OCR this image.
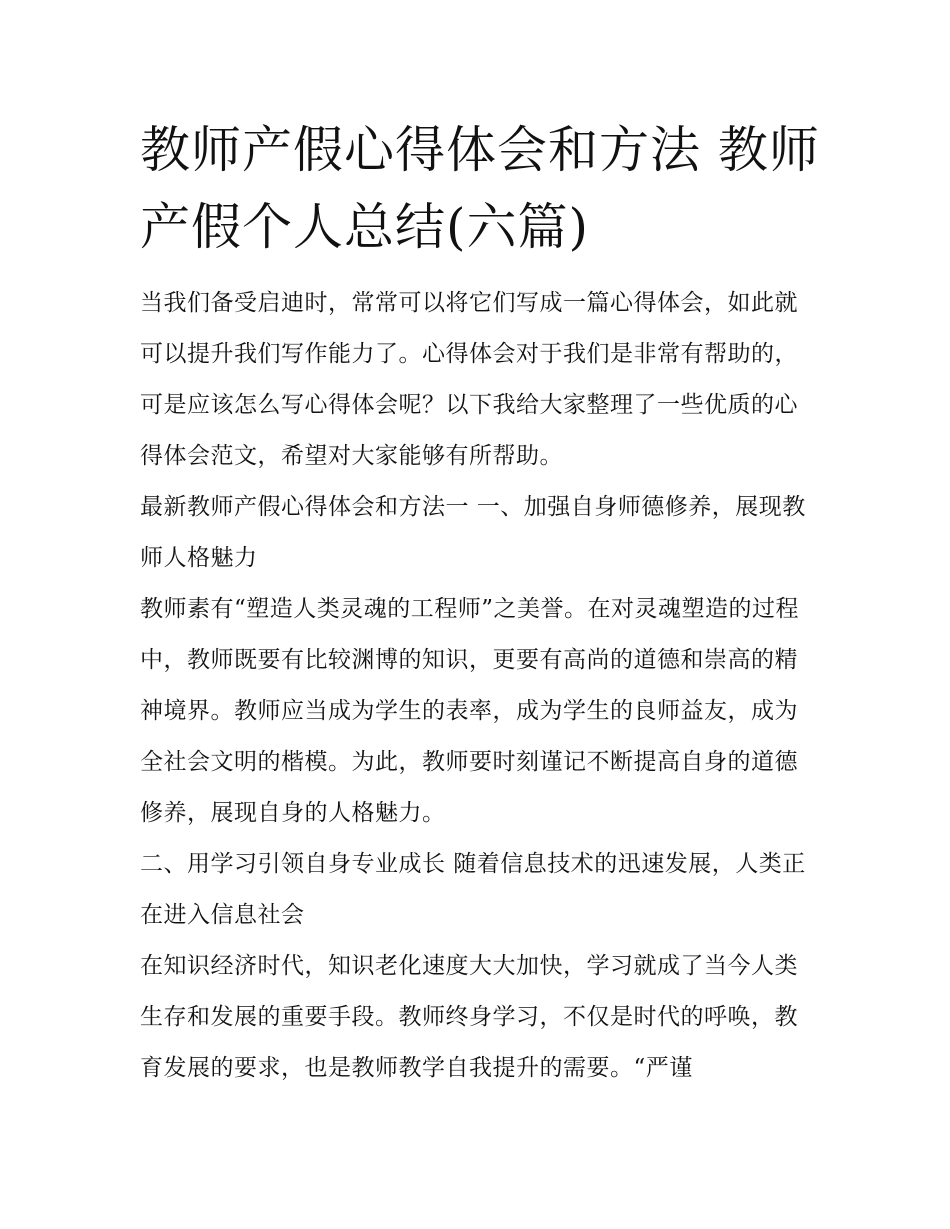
教师产假心得体会和方法 教师产假个人总结(六篇)

当我们备受启迪时，常常可以将它们写成一篇心得体会，如此就可以提升我们写作能力了。心得体会对于我们是非常有帮助的，可是应该怎么写心得体会呢？以下我给大家整理了一些优质的心得体会范文，希望对大家能够有所帮助。

最新教师产假心得体会和方法一 一、加强自身师德修养，展现教师人格魅力

教师素有“塑造人类灵魂的工程师”之美誉。在对灵魂塑造的过程中，教师既要有比较渊博的知识，更要有高尚的道德和崇高的精神境界。教师应当成为学生的表率，成为学生的良师益友，成为全社会文明的楷模。为此，教师要时刻谨记不断提高自身的道德修养，展现自身的人格魅力。

二、用学习引领自身专业成长 随着信息技术的迅速发展，人类正在进入信息社会

在知识经济时代，知识老化速度大大加快，学习就成了当今人类生存和发展的重要手段。教师终身学习，不仅是时代的呼唤，教育发展的要求，也是教师教学自我提升的需要。“严谨
